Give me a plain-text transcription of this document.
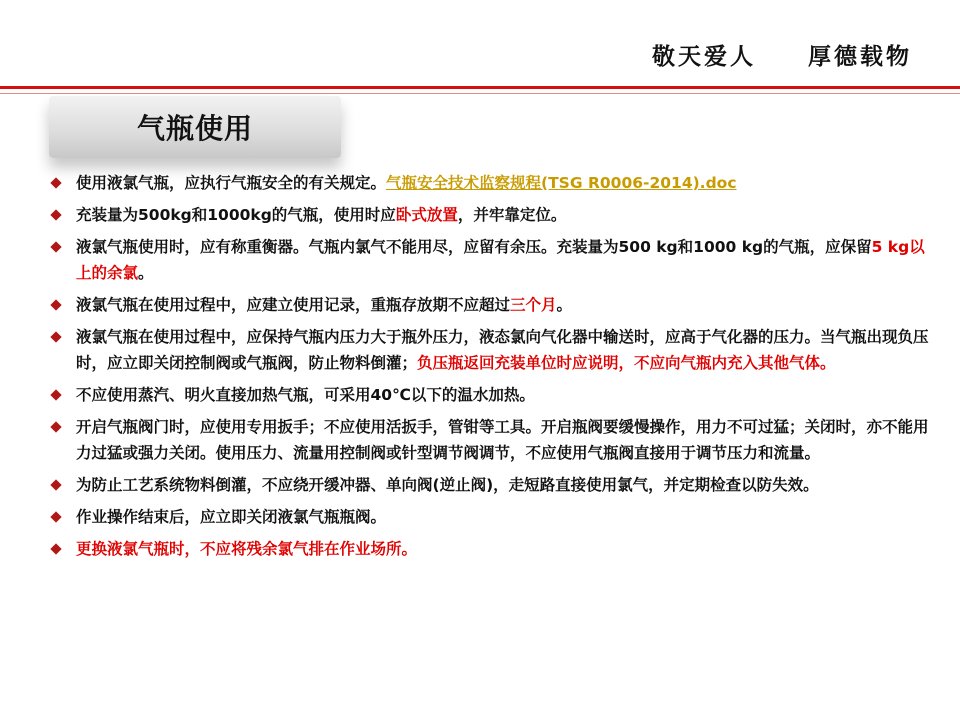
敬天爱人　　厚德载物
气瓶使用
使用液氯气瓶，应执行气瓶安全的有关规定。气瓶安全技术监察规程(TSG R0006-2014).doc
充装量为500kg和1000kg的气瓶，使用时应卧式放置，并牢靠定位。
液氯气瓶使用时，应有称重衡器。气瓶内氯气不能用尽，应留有余压。充装量为500 kg和1000 kg的气瓶，应保留5 kg以上的余氯。
液氯气瓶在使用过程中，应建立使用记录，重瓶存放期不应超过三个月。
液氯气瓶在使用过程中，应保持气瓶内压力大于瓶外压力，液态氯向气化器中输送时，应高于气化器的压力。当气瓶出现负压时，应立即关闭控制阀或气瓶阀，防止物料倒灌；负压瓶返回充装单位时应说明，不应向气瓶内充入其他气体。
不应使用蒸汽、明火直接加热气瓶，可采用40℃以下的温水加热。
开启气瓶阀门时，应使用专用扳手；不应使用活扳手，管钳等工具。开启瓶阀要缓慢操作，用力不可过猛；关闭时，亦不能用力过猛或强力关闭。使用压力、流量用控制阀或针型调节阀调节，不应使用气瓶阀直接用于调节压力和流量。
为防止工艺系统物料倒灌，不应绕开缓冲器、单向阀(逆止阀)，走短路直接使用氯气，并定期检查以防失效。
作业操作结束后，应立即关闭液氯气瓶瓶阀。
更换液氯气瓶时，不应将残余氯气排在作业场所。
